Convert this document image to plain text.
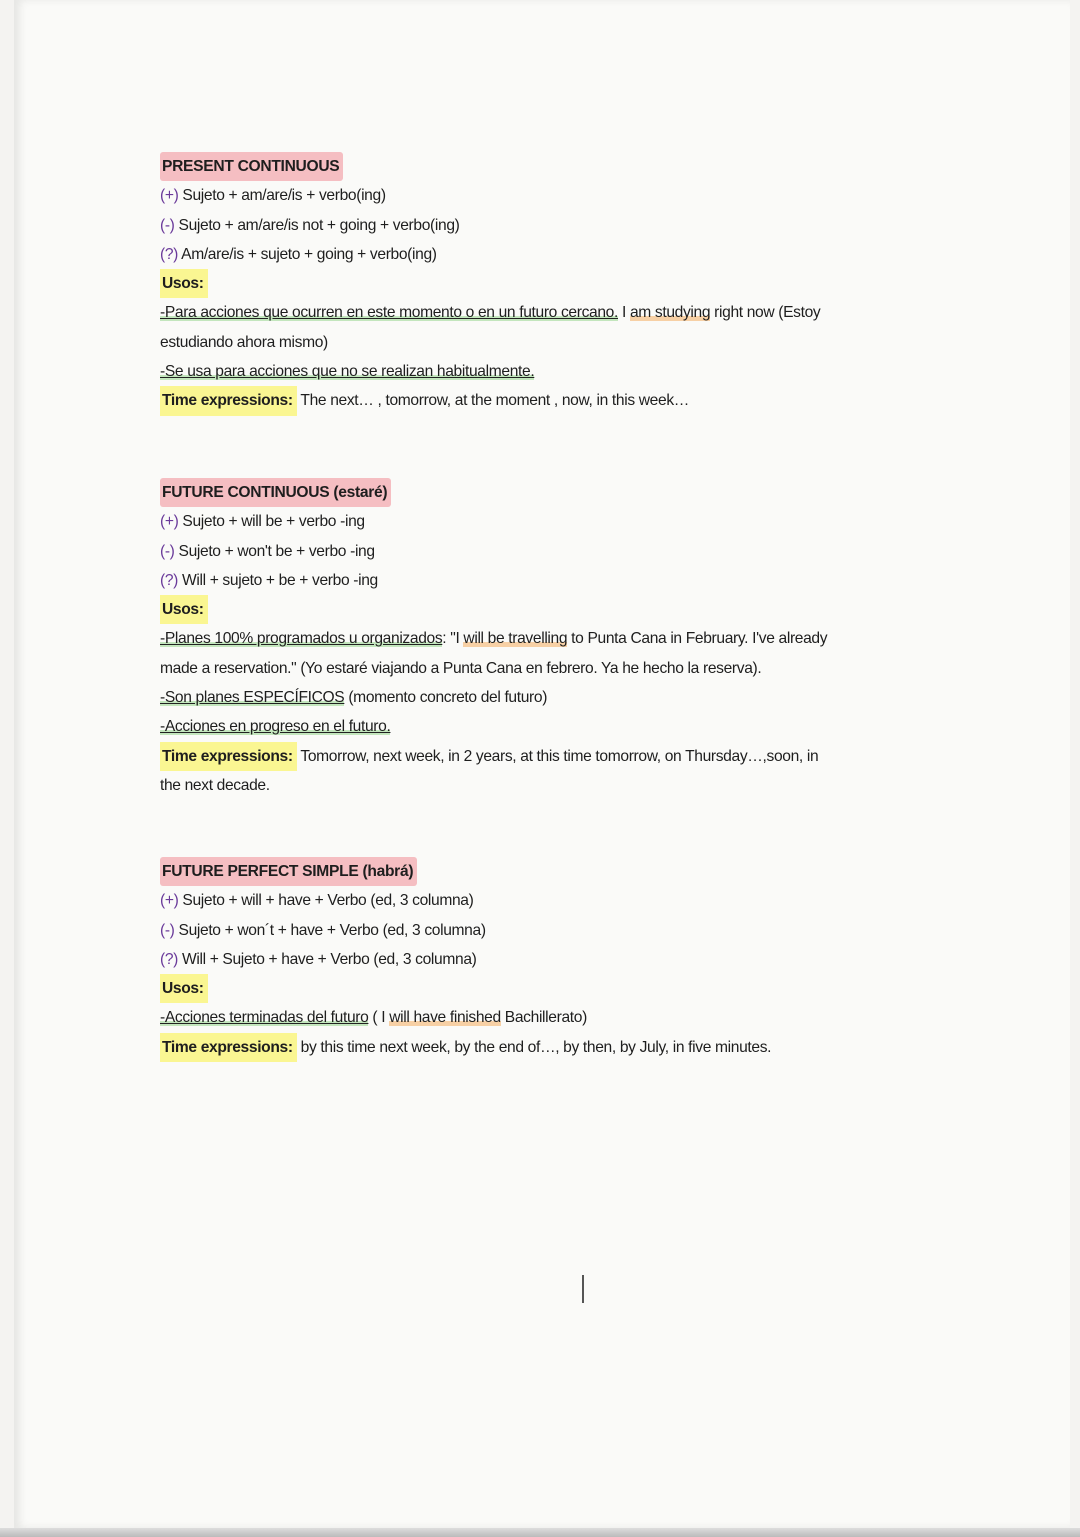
PRESENT CONTINUOUS
(+) Sujeto + am/are/is + verbo(ing)
(-) Sujeto + am/are/is not + going + verbo(ing)
(?) Am/are/is + sujeto + going + verbo(ing)
Usos:
-Para acciones que ocurren en este momento o en un futuro cercano. I am studying right now (Estoy
estudiando ahora mismo)
-Se usa para acciones que no se realizan habitualmente.
Time expressions: The next… , tomorrow, at the moment , now, in this week…
FUTURE CONTINUOUS (estaré)
(+) Sujeto + will be + verbo -ing
(-) Sujeto + won't be + verbo -ing
(?) Will + sujeto + be + verbo -ing
Usos:
-Planes 100% programados u organizados: "I will be travelling to Punta Cana in February. I've already
made a reservation." (Yo estaré viajando a Punta Cana en febrero. Ya he hecho la reserva).
-Son planes ESPECÍFICOS (momento concreto del futuro)
-Acciones en progreso en el futuro.
Time expressions: Tomorrow, next week, in 2 years, at this time tomorrow, on Thursday…,soon, in
the next decade.
FUTURE PERFECT SIMPLE (habrá)
(+) Sujeto + will + have + Verbo (ed, 3 columna)
(-) Sujeto + won´t + have + Verbo (ed, 3 columna)
(?) Will + Sujeto + have + Verbo (ed, 3 columna)
Usos:
-Acciones terminadas del futuro ( I will have finished Bachillerato)
Time expressions: by this time next week, by the end of…, by then, by July, in five minutes.
